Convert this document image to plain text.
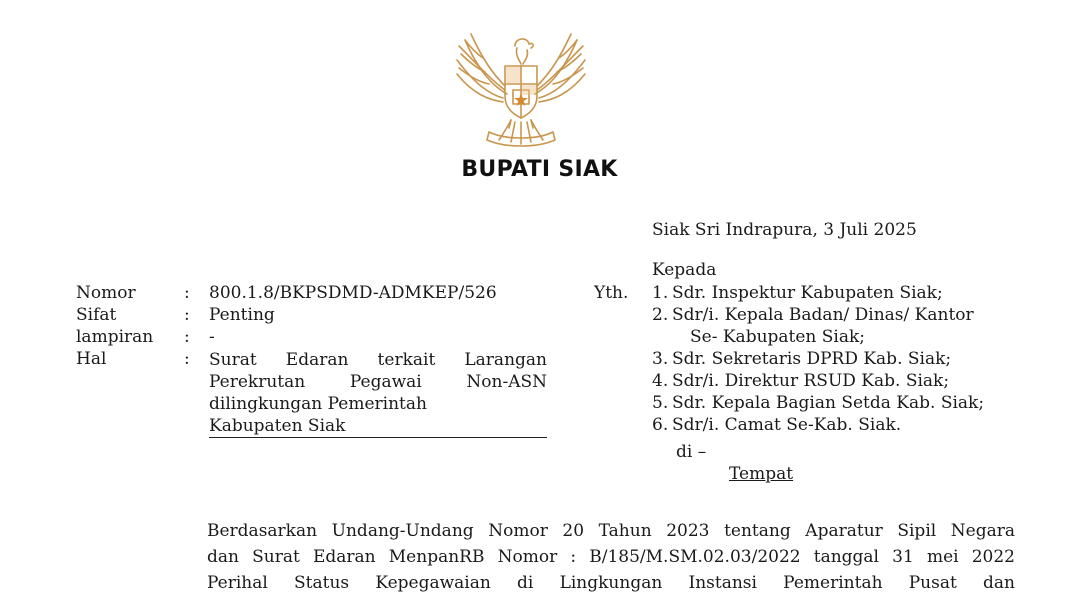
BUPATI SIAK
Siak Sri Indrapura, 3 Juli 2025
Kepada
Nomor	: 800.1.8/BKPSDMD-ADMKEP/526
Sifat	: Penting
lampiran : -
Hal	: Surat Edaran terkait Larangan
Perekrutan Pegawai Non-ASN
dilingkungan Pemerintah
Kabupaten Siak
Yth. 1. Sdr. Inspektur Kabupaten Siak;
2. Sdr/i. Kepala Badan/ Dinas/ Kantor
Se- Kabupaten Siak;
3. Sdr. Sekretaris DPRD Kab. Siak;
4. Sdr/i. Direktur RSUD Kab. Siak;
5. Sdr. Kepala Bagian Setda Kab. Siak;
6. Sdr/i. Camat Se-Kab. Siak.
di –
Tempat
Berdasarkan Undang-Undang Nomor 20 Tahun 2023 tentang Aparatur Sipil Negara
dan Surat Edaran MenpanRB Nomor : B/185/M.SM.02.03/2022 tanggal 31 mei 2022
Perihal Status Kepegawaian di Lingkungan Instansi Pemerintah Pusat dan
